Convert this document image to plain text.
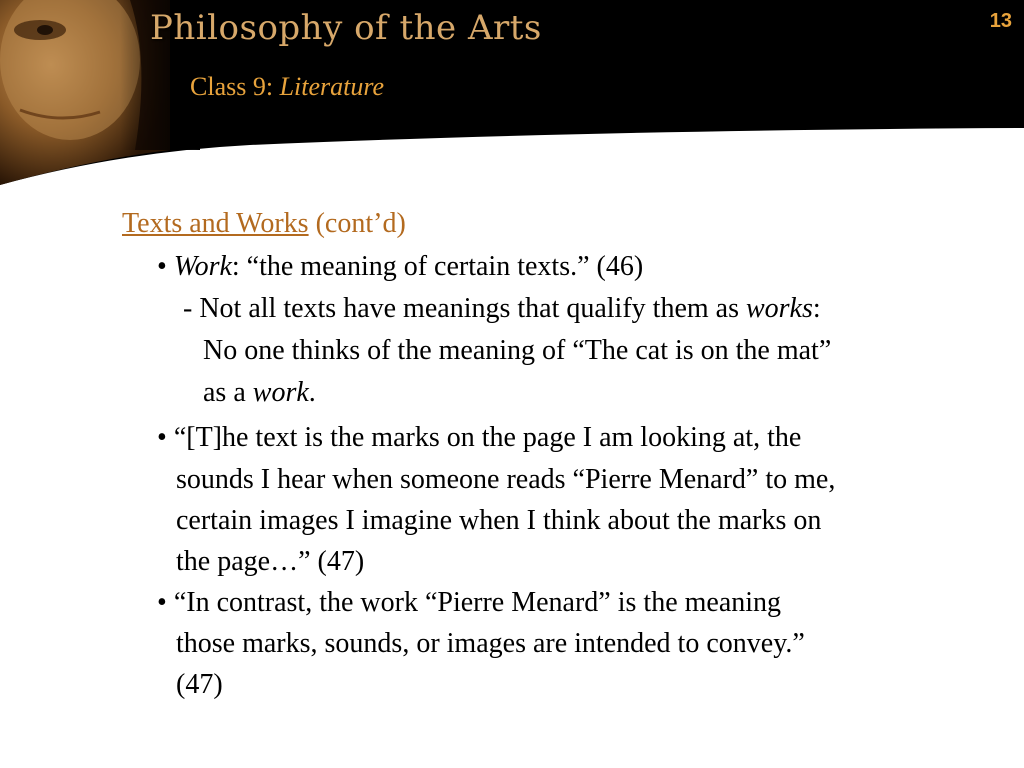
Philosophy of the Arts
Class 9: Literature
13
Texts and Works (cont’d)
• Work: “the meaning of certain texts.” (46)
- Not all texts have meanings that qualify them as works:
No one thinks of the meaning of “The cat is on the mat”
as a work.
• “[T]he text is the marks on the page I am looking at, the
sounds I hear when someone reads “Pierre Menard” to me,
certain images I imagine when I think about the marks on
the page…” (47)
• “In contrast, the work “Pierre Menard” is the meaning
those marks, sounds, or images are intended to convey.”
(47)
